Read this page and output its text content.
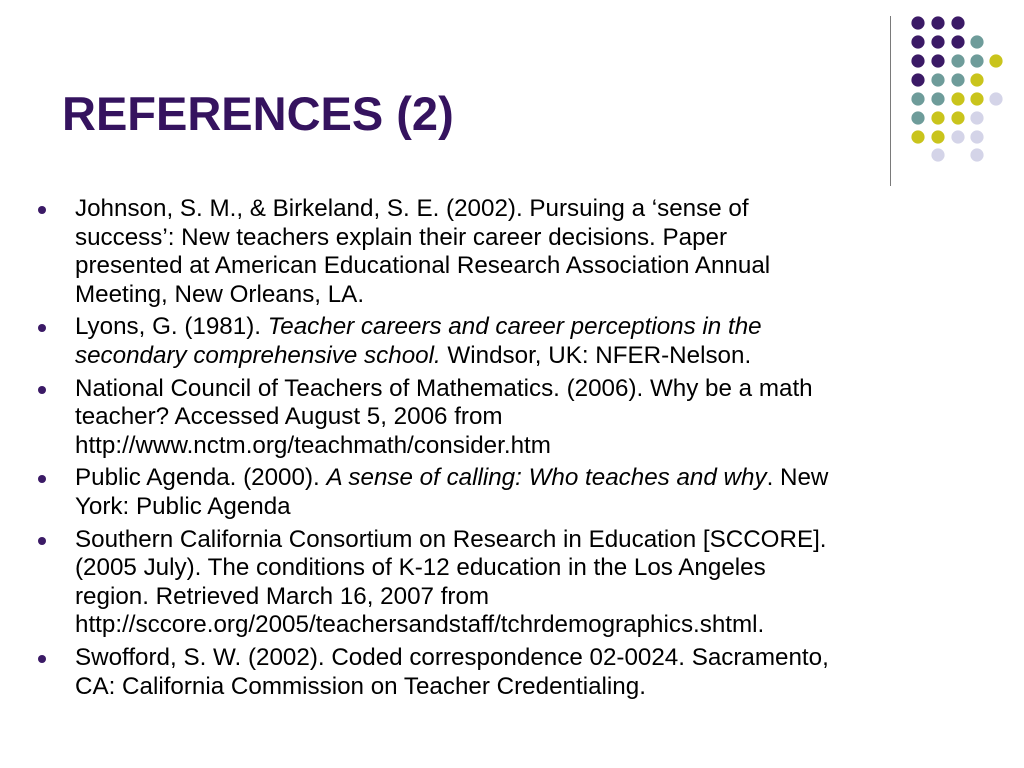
REFERENCES (2)
Johnson, S. M., & Birkeland, S. E. (2002). Pursuing a ‘sense of
success’: New teachers explain their career decisions. Paper
presented at American Educational Research Association Annual
Meeting, New Orleans, LA.
Lyons, G. (1981). Teacher careers and career perceptions in the
secondary comprehensive school. Windsor, UK: NFER-Nelson.
National Council of Teachers of Mathematics. (2006). Why be a math
teacher? Accessed August 5, 2006 from
http://www.nctm.org/teachmath/consider.htm
Public Agenda. (2000). A sense of calling: Who teaches and why. New
York: Public Agenda
Southern California Consortium on Research in Education [SCCORE].
(2005 July). The conditions of K-12 education in the Los Angeles
region. Retrieved March 16, 2007 from
http://sccore.org/2005/teachersandstaff/tchrdemographics.shtml.
Swofford, S. W. (2002). Coded correspondence 02-0024. Sacramento,
CA: California Commission on Teacher Credentialing.
